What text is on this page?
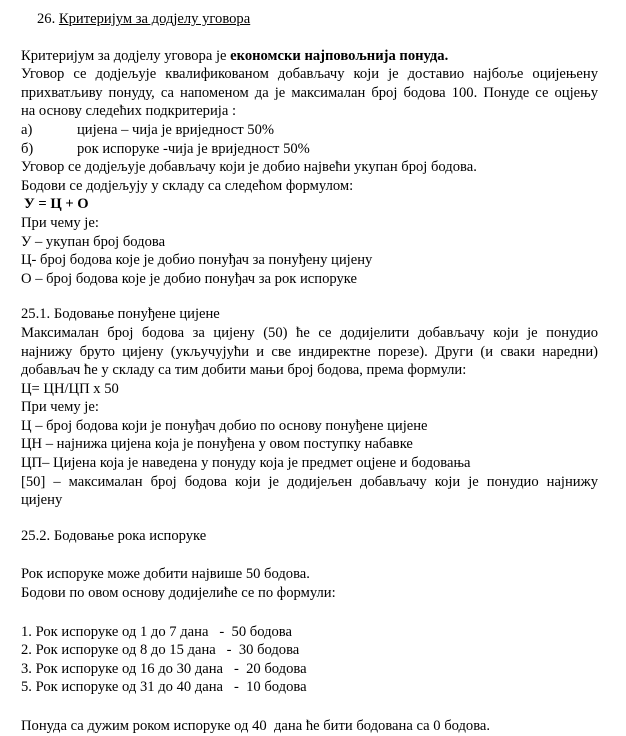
26. Критеријум за додјелу уговора
Критеријум за додјелу уговора је економски најповољнија понуда.
Уговор се додјељује квалификованом добављачу који је доставио најбоље оцијењену
прихватљиву понуду, са напоменом да је максималан број бодова 100. Понуде се оцјењу
на основу следећих подкритерија :
а)	цијена – чија је вриједност 50%
б)	рок испоруке -чија је вриједност 50%
Уговор се додјељује добављачу који је добио највећи укупан број бодова.
Бодови се додјељују у складу са следећом формулом:
У = Ц + О
При чему је:
У – укупан број бодова
Ц- број бодова које је добио понуђач за понуђену цијену
О – број бодова које је добио понуђач за рок испоруке
25.1. Бодовање понуђене цијене
Максималан број бодова за цијену (50) ће се додијелити добављачу који је понудио
најнижу бруто цијену (укључујући и све индиректне порезе). Други (и сваки наредни)
добављач ће у складу са тим добити мањи број бодова, према формули:
Ц= ЦН/ЦП х 50
При чему је:
Ц – број бодова који је понуђач добио по основу понуђене цијене
ЦН – најнижа цијена која је понуђена у овом поступку набавке
ЦП– Цијена која је наведена у понуду која је предмет оцјене и бодовања
[50] – максималан број бодова који је додијељен добављачу који је понудио најнижу
цијену
25.2. Бодовање рока испоруке
Рок испоруке може добити највише 50 бодова.
Бодови по овом основу додијелиће се по формули:
1. Рок испоруке од 1 до 7 дана   -  50 бодова
2. Рок испоруке од 8 до 15 дана   -  30 бодова
3. Рок испоруке од 16 до 30 дана   -  20 бодова
5. Рок испоруке од 31 до 40 дана   -  10 бодова
Понуда са дужим роком испоруке од 40  дана ће бити бодована са 0 бодова.
